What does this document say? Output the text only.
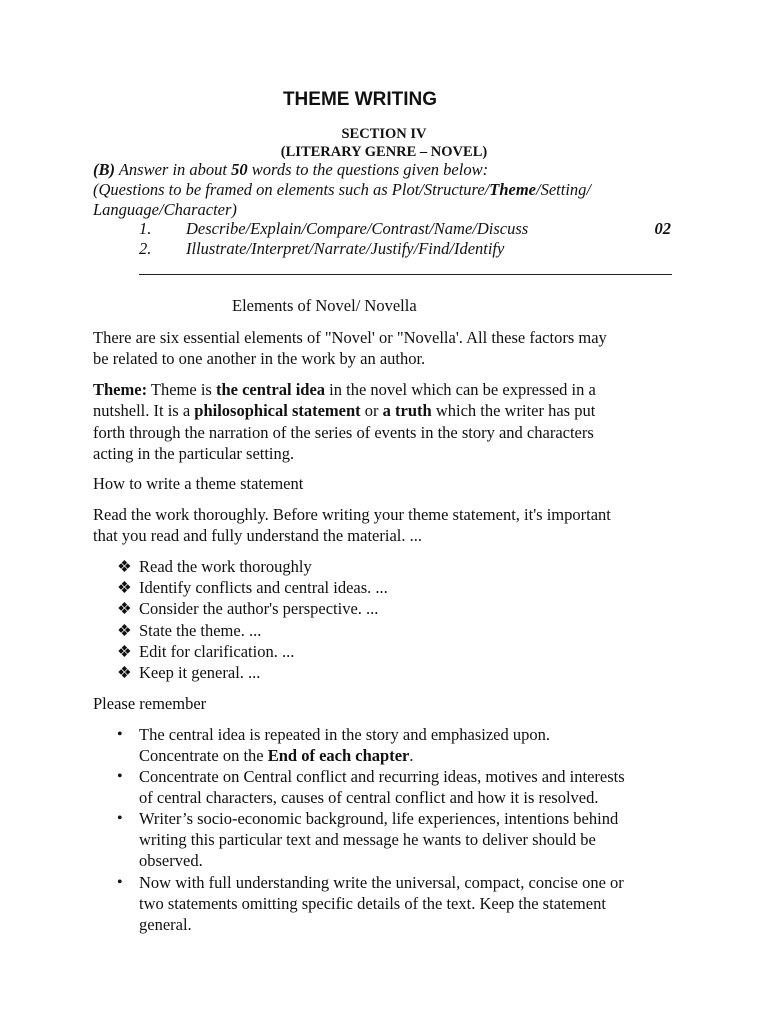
THEME WRITING
SECTION IV
(LITERARY GENRE – NOVEL)
(B) Answer in about 50 words to the questions given below:
(Questions to be framed on elements such as Plot/Structure/Theme/Setting/
Language/Character)
1. Describe/Explain/Compare/Contrast/Name/Discuss	02
2. Illustrate/Interpret/Narrate/Justify/Find/Identify
Elements of Novel/ Novella
There are six essential elements of "Novel' or "Novella'. All these factors may
be related to one another in the work by an author.
Theme: Theme is the central idea in the novel which can be expressed in a
nutshell. It is a philosophical statement or a truth which the writer has put
forth through the narration of the series of events in the story and characters
acting in the particular setting.
How to write a theme statement
Read the work thoroughly. Before writing your theme statement, it's important
that you read and fully understand the material. ...
❖ Read the work thoroughly
❖ Identify conflicts and central ideas. ...
❖ Consider the author's perspective. ...
❖ State the theme. ...
❖ Edit for clarification. ...
❖ Keep it general. ...
Please remember
• The central idea is repeated in the story and emphasized upon.
Concentrate on the End of each chapter.
• Concentrate on Central conflict and recurring ideas, motives and interests
of central characters, causes of central conflict and how it is resolved.
• Writer’s socio-economic background, life experiences, intentions behind
writing this particular text and message he wants to deliver should be
observed.
• Now with full understanding write the universal, compact, concise one or
two statements omitting specific details of the text. Keep the statement
general.
